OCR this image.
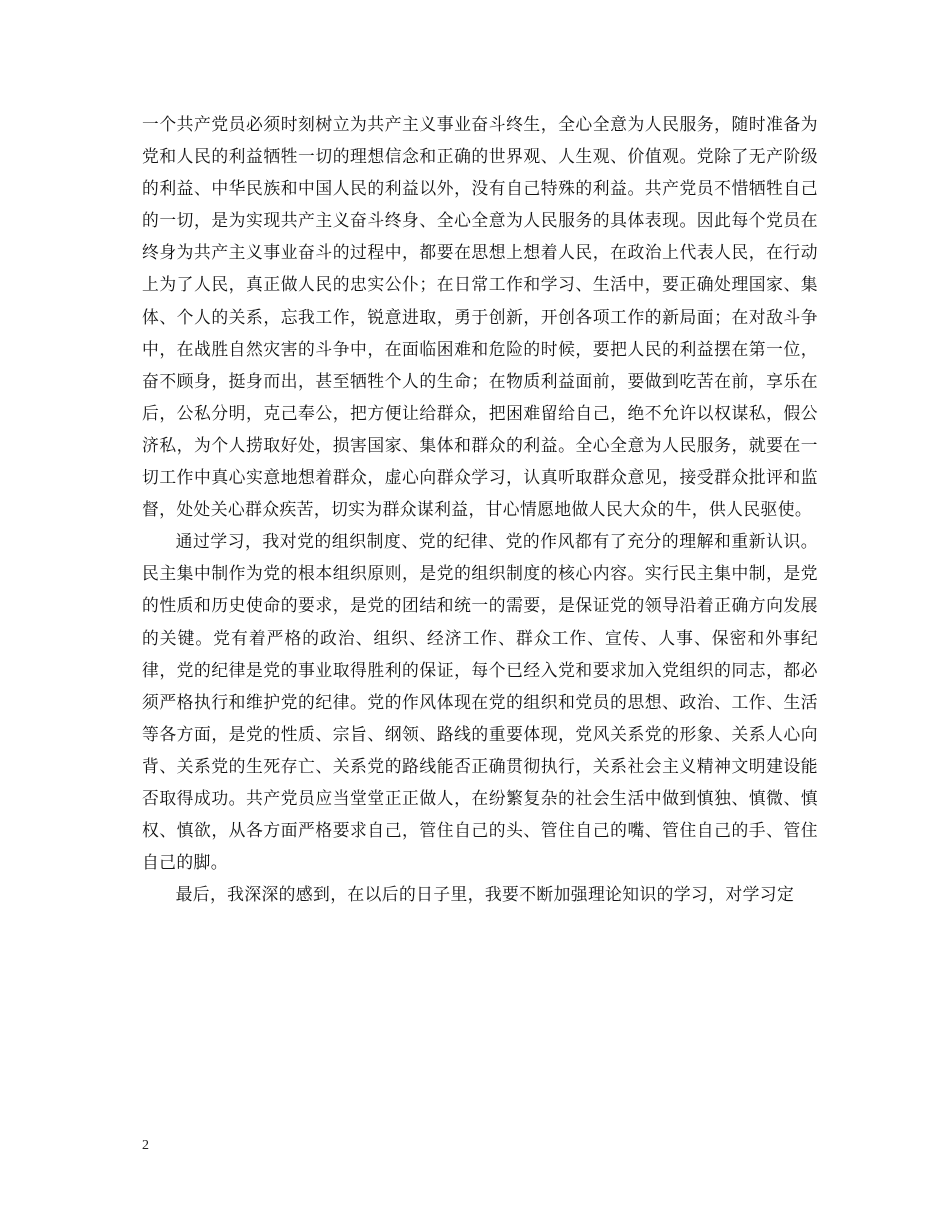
一个共产党员必须时刻树立为共产主义事业奋斗终生，全心全意为人民服务，随时准备为党和人民的利益牺牲一切的理想信念和正确的世界观、人生观、价值观。党除了无产阶级的利益、中华民族和中国人民的利益以外，没有自己特殊的利益。共产党员不惜牺牲自己的一切，是为实现共产主义奋斗终身、全心全意为人民服务的具体表现。因此每个党员在终身为共产主义事业奋斗的过程中，都要在思想上想着人民，在政治上代表人民，在行动上为了人民，真正做人民的忠实公仆；在日常工作和学习、生活中，要正确处理国家、集体、个人的关系，忘我工作，锐意进取，勇于创新，开创各项工作的新局面；在对敌斗争中，在战胜自然灾害的斗争中，在面临困难和危险的时候，要把人民的利益摆在第一位，奋不顾身，挺身而出，甚至牺牲个人的生命；在物质利益面前，要做到吃苦在前，享乐在后，公私分明，克己奉公，把方便让给群众，把困难留给自己，绝不允许以权谋私，假公济私，为个人捞取好处，损害国家、集体和群众的利益。全心全意为人民服务，就要在一切工作中真心实意地想着群众，虚心向群众学习，认真听取群众意见，接受群众批评和监督，处处关心群众疾苦，切实为群众谋利益，甘心情愿地做人民大众的牛，供人民驱使。

通过学习，我对党的组织制度、党的纪律、党的作风都有了充分的理解和重新认识。民主集中制作为党的根本组织原则，是党的组织制度的核心内容。实行民主集中制，是党的性质和历史使命的要求，是党的团结和统一的需要，是保证党的领导沿着正确方向发展的关键。党有着严格的政治、组织、经济工作、群众工作、宣传、人事、保密和外事纪律，党的纪律是党的事业取得胜利的保证，每个已经入党和要求加入党组织的同志，都必须严格执行和维护党的纪律。党的作风体现在党的组织和党员的思想、政治、工作、生活等各方面，是党的性质、宗旨、纲领、路线的重要体现，党风关系党的形象、关系人心向背、关系党的生死存亡、关系党的路线能否正确贯彻执行，关系社会主义精神文明建设能否取得成功。共产党员应当堂堂正正做人，在纷繁复杂的社会生活中做到慎独、慎微、慎权、慎欲，从各方面严格要求自己，管住自己的头、管住自己的嘴、管住自己的手、管住自己的脚。

最后，我深深的感到，在以后的日子里，我要不断加强理论知识的学习，对学习定

2
